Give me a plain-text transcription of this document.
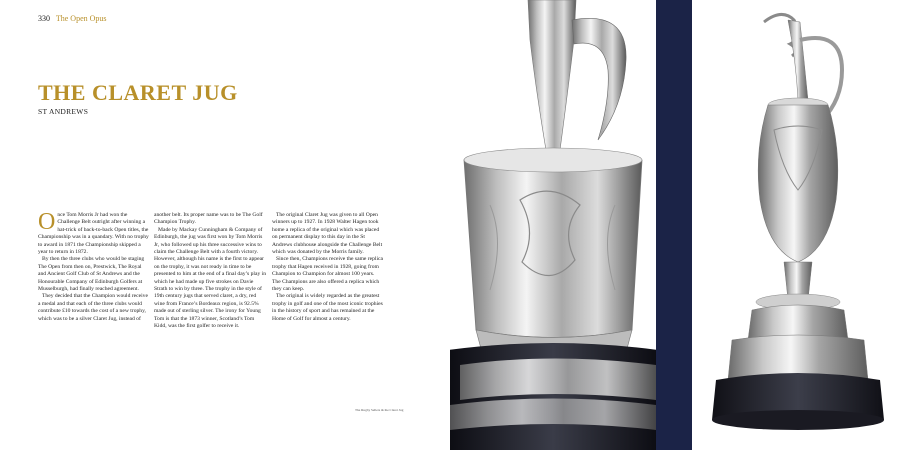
330 The Open Opus
THE CLARET JUG
ST ANDREWS

Once Tom Morris Jr had won the Challenge Belt outright after winning a hat-trick of back-to-back Open titles, the Championship was in a quandary. With no trophy to award in 1871 the Championship skipped a year to return in 1872.

By then the three clubs who would be staging The Open from then on, Prestwick, The Royal and Ancient Golf Club of St Andrews and the Honourable Company of Edinburgh Golfers at Musselburgh, had finally reached agreement.

They decided that the Champion would receive a medal and that each of the three clubs would contribute £10 towards the cost of a new trophy, which was to be a silver Claret Jug, instead of

another belt. Its proper name was to be The Golf Champion Trophy.

Made by Mackay Cunningham & Company of Edinburgh, the jug was first won by Tom Morris Jr, who followed up his three successive wins to claim the Challenge Belt with a fourth victory. However, although his name is the first to appear on the trophy, it was not ready in time to be presented to him at the end of a final day’s play in which he had made up five strokes on Davie Strath to win by three. The trophy in the style of 19th century jugs that served claret, a dry, red wine from France’s Bordeaux region, is 92.5% made out of sterling silver. The irony for Young Tom is that the 1873 winner, Scotland’s Tom Kidd, was the first golfer to receive it.

The original Claret Jug was given to all Open winners up to 1927. In 1928 Walter Hagen took home a replica of the original which was placed on permanent display to this day in the St Andrews clubhouse alongside the Challenge Belt which was donated by the Morris family.

Since then, Champions receive the same replica trophy that Hagen received in 1928, going from Champion to Champion for almost 100 years. The Champions are also offered a replica which they can keep.

The original is widely regarded as the greatest trophy in golf and one of the most iconic trophies in the history of sport and has remained at the Home of Golf for almost a century.

The Rugby Sellers & the Claret Jug
